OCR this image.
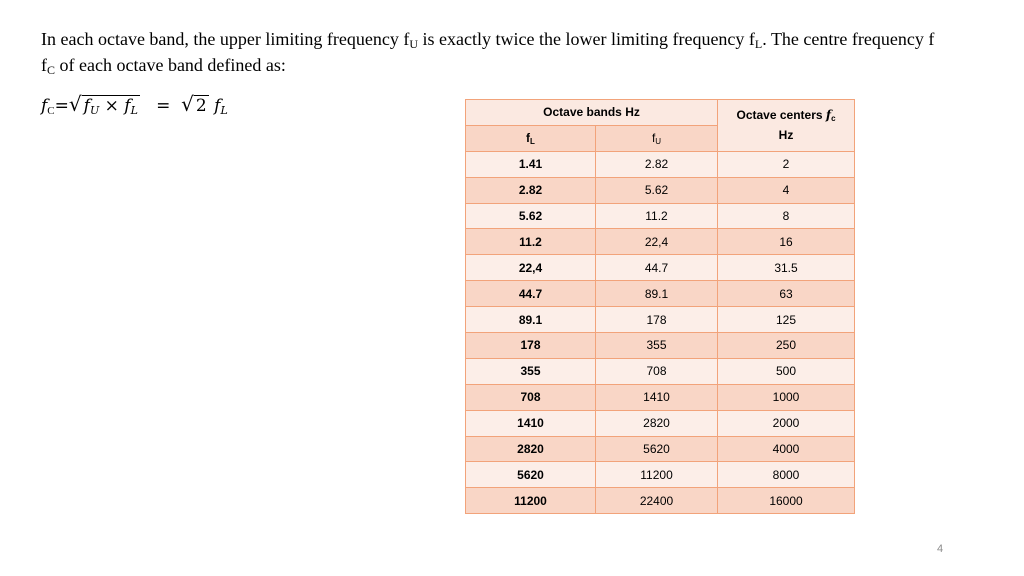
In each octave band, the upper limiting frequency $f_U$ is exactly twice the lower limiting frequency $f_L$. The centre frequency f
$f_C$ of each octave band defined as:
$f_C=√$ $f_U \times f_L$ = √ 2 $f_L$	Octave bands Hz		Octave centers $f_c$
Hz
$f_L$	$f_U$
1.41	2.82	2
2.82	5.62	4
5.62	11.2	8
11.2	22,4	16
22,4	44.7	31.5
44.7	89.1	63
89.1	178	125
178	355	250
355	708	500
708	1410	1000
1410	2820	2000
2820	5620	4000
5620	11200	8000
11200	22400	16000
4
